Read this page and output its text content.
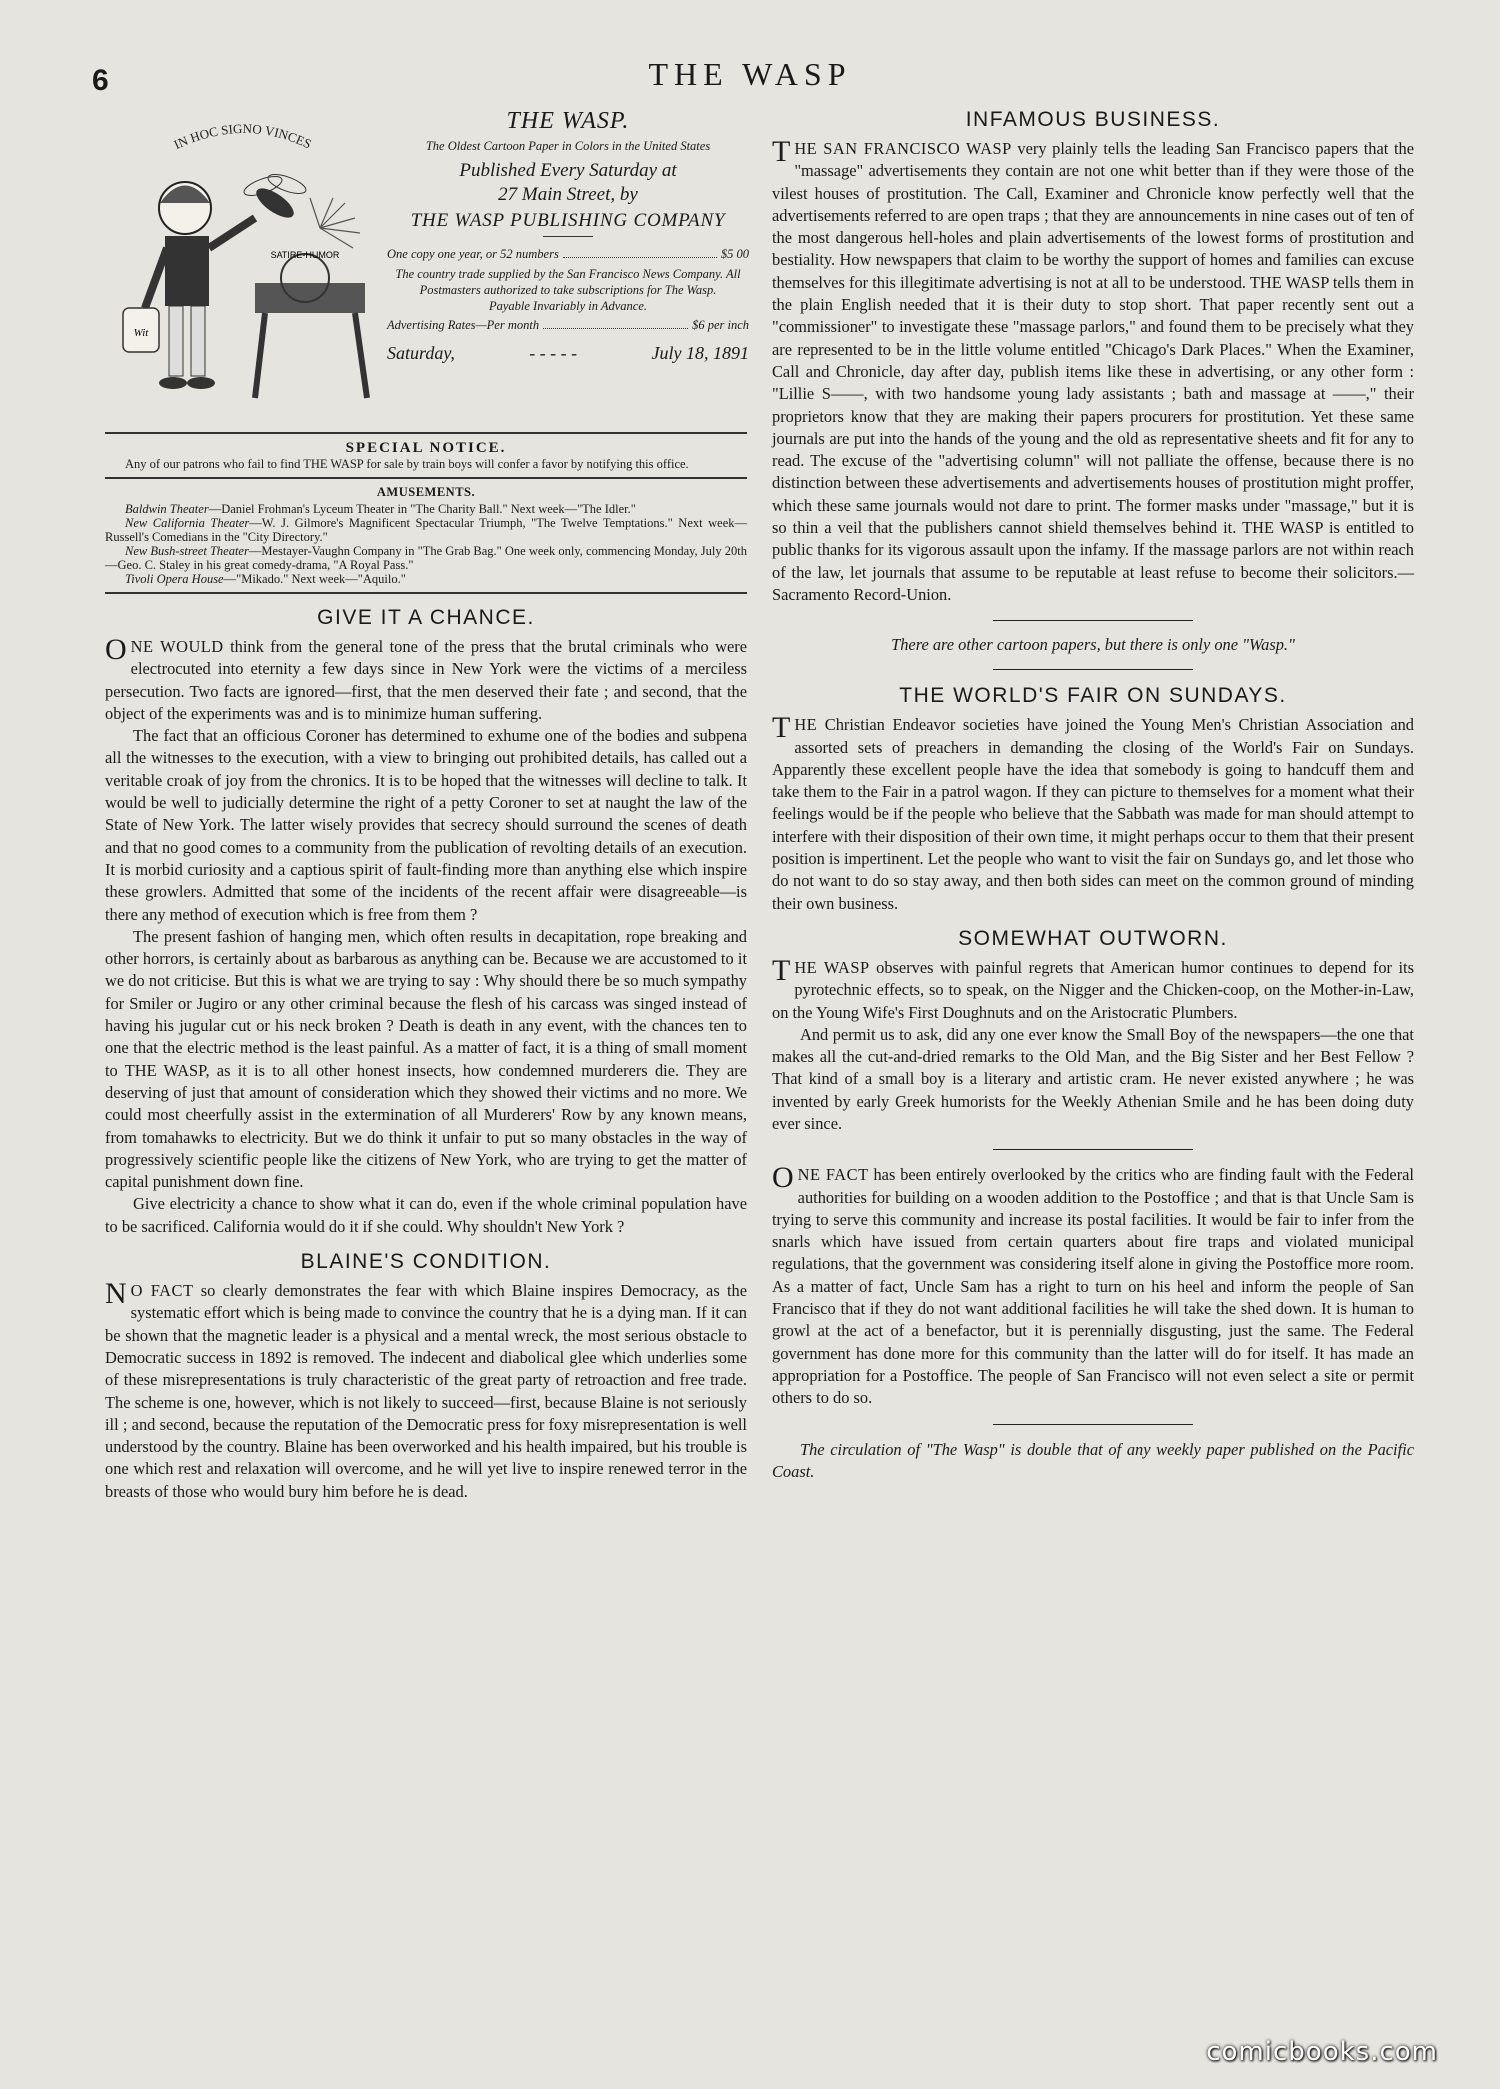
6	THE WASP
IN HOC SIGNO VINCES
Wit
SATIRE-HUMOR
THE WASP.
The Oldest Cartoon Paper in Colors in the United States
Published Every Saturday at
27 Main Street, by
THE WASP PUBLISHING COMPANY
One copy one year, or 52 numbers	$5 00
The country trade supplied by the San Francisco News Company. All Postmasters authorized to take subscriptions for The Wasp.
Payable Invariably in Advance.
Advertising Rates—Per month	$6 per inch
Saturday,	- - - - -	July 18, 1891
SPECIAL NOTICE.

Any of our patrons who fail to find THE WASP for sale by train boys will confer a favor by notifying this office.

AMUSEMENTS.

Baldwin Theater—Daniel Frohman's Lyceum Theater in "The Charity Ball." Next week—"The Idler."

New California Theater—W. J. Gilmore's Magnificent Spectacular Triumph, "The Twelve Temptations." Next week—Russell's Comedians in the "City Directory."

New Bush-street Theater—Mestayer-Vaughn Company in "The Grab Bag." One week only, commencing Monday, July 20th—Geo. C. Staley in his great comedy-drama, "A Royal Pass."

Tivoli Opera House—"Mikado." Next week—"Aquilo."

GIVE IT A CHANCE.

ONE WOULD think from the general tone of the press that the brutal criminals who were electrocuted into eternity a few days since in New York were the victims of a merciless persecution. Two facts are ignored—first, that the men deserved their fate ; and second, that the object of the experiments was and is to minimize human suffering.

The fact that an officious Coroner has determined to exhume one of the bodies and subpena all the witnesses to the execution, with a view to bringing out prohibited details, has called out a veritable croak of joy from the chronics. It is to be hoped that the witnesses will decline to talk. It would be well to judicially determine the right of a petty Coroner to set at naught the law of the State of New York. The latter wisely provides that secrecy should surround the scenes of death and that no good comes to a community from the publication of revolting details of an execution. It is morbid curiosity and a captious spirit of fault-finding more than anything else which inspire these growlers. Admitted that some of the incidents of the recent affair were disagreeable—is there any method of execution which is free from them ?

The present fashion of hanging men, which often results in decapitation, rope breaking and other horrors, is certainly about as barbarous as anything can be. Because we are accustomed to it we do not criticise. But this is what we are trying to say : Why should there be so much sympathy for Smiler or Jugiro or any other criminal because the flesh of his carcass was singed instead of having his jugular cut or his neck broken ? Death is death in any event, with the chances ten to one that the electric method is the least painful. As a matter of fact, it is a thing of small moment to THE WASP, as it is to all other honest insects, how condemned murderers die. They are deserving of just that amount of consideration which they showed their victims and no more. We could most cheerfully assist in the extermination of all Murderers' Row by any known means, from tomahawks to electricity. But we do think it unfair to put so many obstacles in the way of progressively scientific people like the citizens of New York, who are trying to get the matter of capital punishment down fine.

Give electricity a chance to show what it can do, even if the whole criminal population have to be sacrificed. California would do it if she could. Why shouldn't New York ?

BLAINE'S CONDITION.

N O FACT so clearly demonstrates the fear with which Blaine inspires Democracy, as the systematic effort which is being made to convince the country that he is a dying man. If it can be shown that the magnetic leader is a physical and a mental wreck, the most serious obstacle to Democratic success in 1892 is removed. The indecent and diabolical glee which underlies some of these misrepresentations is truly characteristic of the great party of retroaction and free trade. The scheme is one, however, which is not likely to succeed—first, because Blaine is not seriously ill ; and second, because the reputation of the Democratic press for foxy misrepresentation is well understood by the country. Blaine has been overworked and his health impaired, but his trouble is one which rest and relaxation will overcome, and he will yet live to inspire renewed terror in the breasts of those who would bury him before he is dead.

INFAMOUS BUSINESS.

THE SAN FRANCISCO WASP very plainly tells the leading San Francisco papers that the "massage" advertisements they contain are not one whit better than if they were those of the vilest houses of prostitution. The Call, Examiner and Chronicle know perfectly well that the advertisements referred to are open traps ; that they are announcements in nine cases out of ten of the most dangerous hell-holes and plain advertisements of the lowest forms of prostitution and bestiality. How newspapers that claim to be worthy the support of homes and families can excuse themselves for this illegitimate advertising is not at all to be understood. THE WASP tells them in the plain English needed that it is their duty to stop short. That paper recently sent out a "commissioner" to investigate these "massage parlors," and found them to be precisely what they are represented to be in the little volume entitled "Chicago's Dark Places." When the Examiner, Call and Chronicle, day after day, publish items like these in advertising, or any other form : "Lillie S——, with two handsome young lady assistants ; bath and massage at ——," their proprietors know that they are making their papers procurers for prostitution. Yet these same journals are put into the hands of the young and the old as representative sheets and fit for any to read. The excuse of the "advertising column" will not palliate the offense, because there is no distinction between these advertisements and advertisements houses of prostitution might proffer, which these same journals would not dare to print. The former masks under "massage," but it is so thin a veil that the publishers cannot shield themselves behind it. THE WASP is entitled to public thanks for its vigorous assault upon the infamy. If the massage parlors are not within reach of the law, let journals that assume to be reputable at least refuse to become their solicitors.—Sacramento Record-Union.

There are other cartoon papers, but there is only one "Wasp."
THE WORLD'S FAIR ON SUNDAYS.

THE Christian Endeavor societies have joined the Young Men's Christian Association and assorted sets of preachers in demanding the closing of the World's Fair on Sundays. Apparently these excellent people have the idea that somebody is going to handcuff them and take them to the Fair in a patrol wagon. If they can picture to themselves for a moment what their feelings would be if the people who believe that the Sabbath was made for man should attempt to interfere with their disposition of their own time, it might perhaps occur to them that their present position is impertinent. Let the people who want to visit the fair on Sundays go, and let those who do not want to do so stay away, and then both sides can meet on the common ground of minding their own business.

SOMEWHAT OUTWORN.

THE WASP observes with painful regrets that American humor continues to depend for its pyrotechnic effects, so to speak, on the Nigger and the Chicken-coop, on the Mother-in-Law, on the Young Wife's First Doughnuts and on the Aristocratic Plumbers.

And permit us to ask, did any one ever know the Small Boy of the newspapers—the one that makes all the cut-and-dried remarks to the Old Man, and the Big Sister and her Best Fellow ? That kind of a small boy is a literary and artistic cram. He never existed anywhere ; he was invented by early Greek humorists for the Weekly Athenian Smile and he has been doing duty ever since.

ONE FACT has been entirely overlooked by the critics who are finding fault with the Federal authorities for building on a wooden addition to the Postoffice ; and that is that Uncle Sam is trying to serve this community and increase its postal facilities. It would be fair to infer from the snarls which have issued from certain quarters about fire traps and violated municipal regulations, that the government was considering itself alone in giving the Postoffice more room. As a matter of fact, Uncle Sam has a right to turn on his heel and inform the people of San Francisco that if they do not want additional facilities he will take the shed down. It is human to growl at the act of a benefactor, but it is perennially disgusting, just the same. The Federal government has done more for this community than the latter will do for itself. It has made an appropriation for a Postoffice. The people of San Francisco will not even select a site or permit others to do so.

The circulation of "The Wasp" is double that of any weekly paper published on the Pacific Coast.

comicbooks.com
